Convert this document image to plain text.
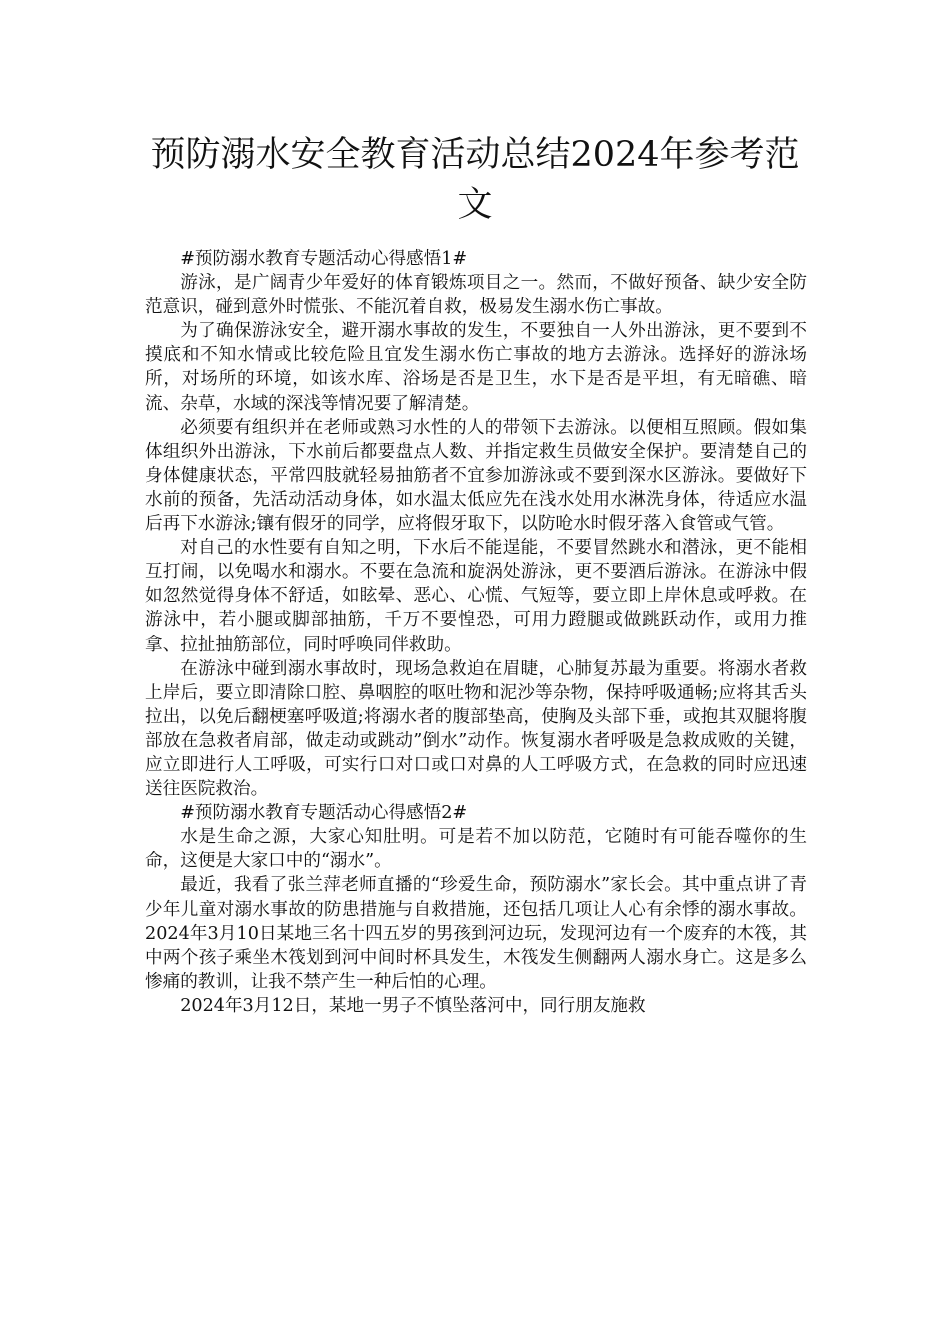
预防溺水安全教育活动总结2024年参考范文

#预防溺水教育专题活动心得感悟1#

游泳，是广阔青少年爱好的体育锻炼项目之一。然而，不做好预备、缺少安全防范意识，碰到意外时慌张、不能沉着自救，极易发生溺水伤亡事故。

为了确保游泳安全，避开溺水事故的发生，不要独自一人外出游泳，更不要到不摸底和不知水情或比较危险且宜发生溺水伤亡事故的地方去游泳。选择好的游泳场所，对场所的环境，如该水库、浴场是否是卫生，水下是否是平坦，有无暗礁、暗流、杂草，水域的深浅等情况要了解清楚。

必须要有组织并在老师或熟习水性的人的带领下去游泳。以便相互照顾。假如集体组织外出游泳，下水前后都要盘点人数、并指定救生员做安全保护。要清楚自己的身体健康状态，平常四肢就轻易抽筋者不宜参加游泳或不要到深水区游泳。要做好下水前的预备，先活动活动身体，如水温太低应先在浅水处用水淋洗身体，待适应水温后再下水游泳;镶有假牙的同学，应将假牙取下，以防呛水时假牙落入食管或气管。

对自己的水性要有自知之明，下水后不能逞能，不要冒然跳水和潜泳，更不能相互打闹，以免喝水和溺水。不要在急流和旋涡处游泳，更不要酒后游泳。在游泳中假如忽然觉得身体不舒适，如眩晕、恶心、心慌、气短等，要立即上岸休息或呼救。在游泳中，若小腿或脚部抽筋，千万不要惶恐，可用力蹬腿或做跳跃动作，或用力推拿、拉扯抽筋部位，同时呼唤同伴救助。

在游泳中碰到溺水事故时，现场急救迫在眉睫，心肺复苏最为重要。将溺水者救上岸后，要立即清除口腔、鼻咽腔的呕吐物和泥沙等杂物，保持呼吸通畅;应将其舌头拉出，以免后翻梗塞呼吸道;将溺水者的腹部垫高，使胸及头部下垂，或抱其双腿将腹部放在急救者肩部，做走动或跳动”倒水”动作。恢复溺水者呼吸是急救成败的关键，应立即进行人工呼吸，可实行口对口或口对鼻的人工呼吸方式，在急救的同时应迅速送往医院救治。

#预防溺水教育专题活动心得感悟2#

水是生命之源，大家心知肚明。可是若不加以防范，它随时有可能吞噬你的生命，这便是大家口中的“溺水”。

最近，我看了张兰萍老师直播的“珍爱生命，预防溺水”家长会。其中重点讲了青少年儿童对溺水事故的防患措施与自救措施，还包括几项让人心有余悸的溺水事故。2024年3月10日某地三名十四五岁的男孩到河边玩，发现河边有一个废弃的木筏，其中两个孩子乘坐木筏划到河中间时杯具发生，木筏发生侧翻两人溺水身亡。这是多么惨痛的教训，让我不禁产生一种后怕的心理。

2024年3月12日，某地一男子不慎坠落河中，同行朋友施救
